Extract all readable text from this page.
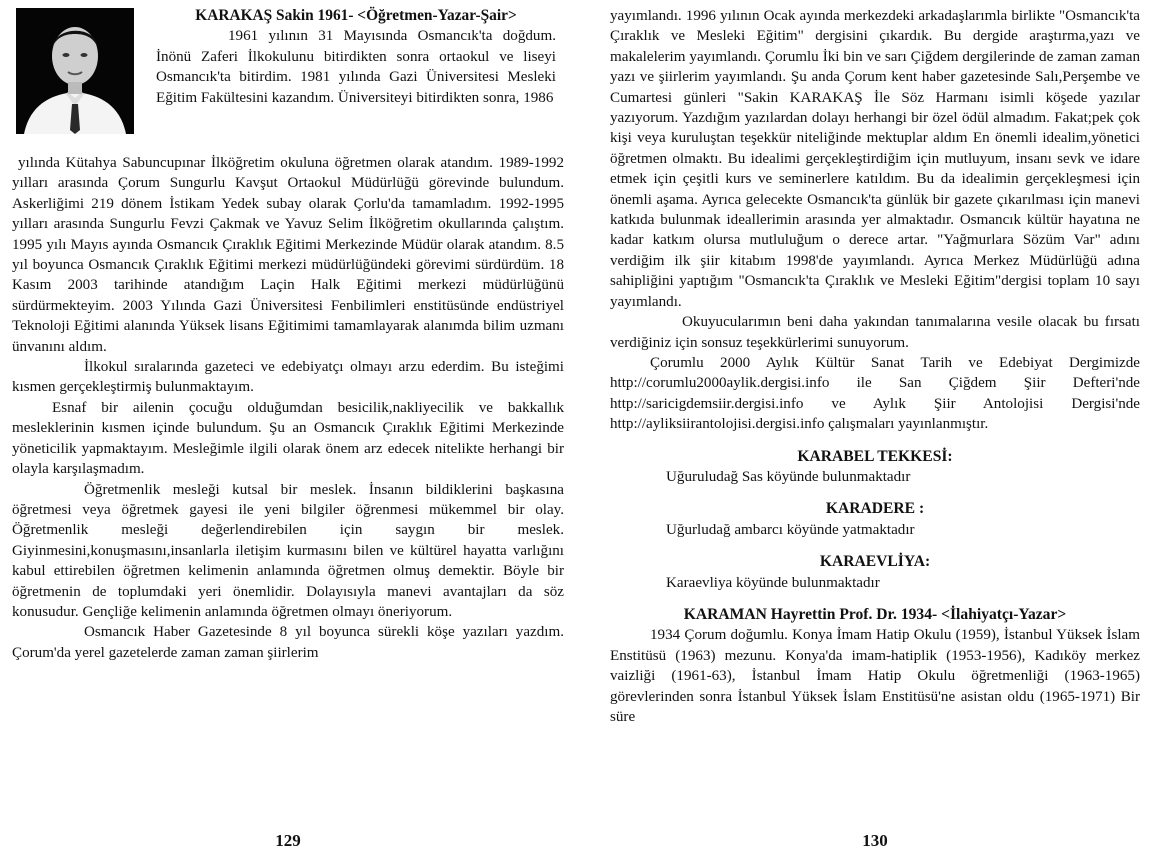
KARAKAŞ Sakin 1961- <Öğretmen-Yazar-Şair>

1961 yılının 31 Mayısında Osmancık'ta doğdum. İnönü Zaferi İlkokulunu bitirdikten sonra ortaokul ve liseyi Osmancık'ta bitirdim. 1981 yılında Gazi Üniversitesi Mesleki Eğitim Fakültesini kazandım. Üniversiteyi bitirdikten sonra, 1986

yılında Kütahya Sabuncupınar İlköğretim okuluna öğretmen olarak atandım. 1989-1992 yılları arasında Çorum Sungurlu Kavşut Ortaokul Müdürlüğü görevinde bulundum. Askerliğimi 219 dönem İstikam Yedek subay olarak Çorlu'da tamamladım. 1992-1995 yılları arasında Sungurlu Fevzi Çakmak ve Yavuz Selim İlköğretim okullarında çalıştım. 1995 yılı Mayıs ayında Osmancık Çıraklık Eğitimi Merkezinde Müdür olarak atandım. 8.5 yıl boyunca Osmancık Çıraklık Eğitimi merkezi müdürlüğündeki görevimi sürdürdüm. 18 Kasım 2003 tarihinde atandığım Laçin Halk Eğitimi merkezi müdürlüğünü sürdürmekteyim. 2003 Yılında Gazi Üniversitesi Fenbilimleri enstitüsünde endüstriyel Teknoloji Eğitimi alanında Yüksek lisans Eğitimimi tamamlayarak alanımda bilim uzmanı ünvanını aldım.

İlkokul sıralarında gazeteci ve edebiyatçı olmayı arzu ederdim. Bu isteğimi kısmen gerçekleştirmiş bulunmaktayım.

Esnaf bir ailenin çocuğu olduğumdan besicilik,nakliyecilik ve bakkallık mesleklerinin kısmen içinde bulundum. Şu an Osmancık Çıraklık Eğitimi Merkezinde yöneticilik yapmaktayım. Mesleğimle ilgili olarak önem arz edecek nitelikte herhangi bir olayla karşılaşmadım.

Öğretmenlik mesleği kutsal bir meslek. İnsanın bildiklerini başkasına öğretmesi veya öğretmek gayesi ile yeni bilgiler öğrenmesi mükemmel bir olay. Öğretmenlik mesleği değerlendirebilen için saygın bir meslek. Giyinmesini,konuşmasını,insanlarla iletişim kurmasını bilen ve kültürel hayatta varlığını kabul ettirebilen öğretmen kelimenin anlamında öğretmen olmuş demektir. Böyle bir öğretmenin de toplumdaki yeri önemlidir. Dolayısıyla manevi avantajları da söz konusudur. Gençliğe kelimenin anlamında öğretmen olmayı öneriyorum.

Osmancık Haber Gazetesinde 8 yıl boyunca sürekli köşe yazıları yazdım. Çorum'da yerel gazetelerde zaman zaman şiirlerim

129

yayımlandı. 1996 yılının Ocak ayında merkezdeki arkadaşlarımla birlikte "Osmancık'ta Çıraklık ve Mesleki Eğitim" dergisini çıkardık. Bu dergide araştırma,yazı ve makalelerim yayımlandı. Çorumlu İki bin ve sarı Çiğdem dergilerinde de zaman zaman yazı ve şiirlerim yayımlandı. Şu anda Çorum kent haber gazetesinde Salı,Perşembe ve Cumartesi günleri "Sakin KARAKAŞ İle Söz Harmanı isimli köşede yazılar yazıyorum. Yazdığım yazılardan dolayı herhangi bir özel ödül almadım. Fakat;pek çok kişi veya kuruluştan teşekkür niteliğinde mektuplar aldım En önemli idealim,yönetici öğretmen olmaktı. Bu idealimi gerçekleştirdiğim için mutluyum, insanı sevk ve idare etmek için çeşitli kurs ve seminerlere katıldım. Bu da idealimin gerçekleşmesi için önemli aşama. Ayrıca gelecekte Osmancık'ta günlük bir gazete çıkarılması için manevi katkıda bulunmak ideallerimin arasında yer almaktadır. Osmancık kültür hayatına ne kadar katkım olursa mutluluğum o derece artar. "Yağmurlara Sözüm Var" adını verdiğim ilk şiir kitabım 1998'de yayımlandı. Ayrıca Merkez Müdürlüğü adına sahipliğini yaptığım "Osmancık'ta Çıraklık ve Mesleki Eğitim"dergisi toplam 10 sayı yayımlandı.

Okuyucularımın beni daha yakından tanımalarına vesile olacak bu fırsatı verdiğiniz için sonsuz teşekkürlerimi sunuyorum.

Çorumlu 2000 Aylık Kültür Sanat Tarih ve Edebiyat Dergimizde http://corumlu2000aylik.dergisi.info ile San Çiğdem Şiir Defteri'nde http://saricigdemsiir.dergisi.info ve Aylık Şiir Antolojisi Dergisi'nde http://ayliksiirantolojisi.dergisi.info çalışmaları yayınlanmıştır.

KARABEL TEKKESİ:

Uğuruludağ Sas köyünde bulunmaktadır

KARADERE :

Uğurludağ ambarcı köyünde yatmaktadır

KARAEVLİYA:

Karaevliya köyünde bulunmaktadır

KARAMAN Hayrettin Prof. Dr. 1934- <İlahiyatçı-Yazar>

1934 Çorum doğumlu. Konya İmam Hatip Okulu (1959), İstanbul Yüksek İslam Enstitüsü (1963) mezunu. Konya'da imam-hatiplik (1953-1956), Kadıköy merkez vaizliği (1961-63), İstanbul İmam Hatip Okulu öğretmenliği (1963-1965) görevlerinden sonra İstanbul Yüksek İslam Enstitüsü'ne asistan oldu (1965-1971) Bir süre

130
